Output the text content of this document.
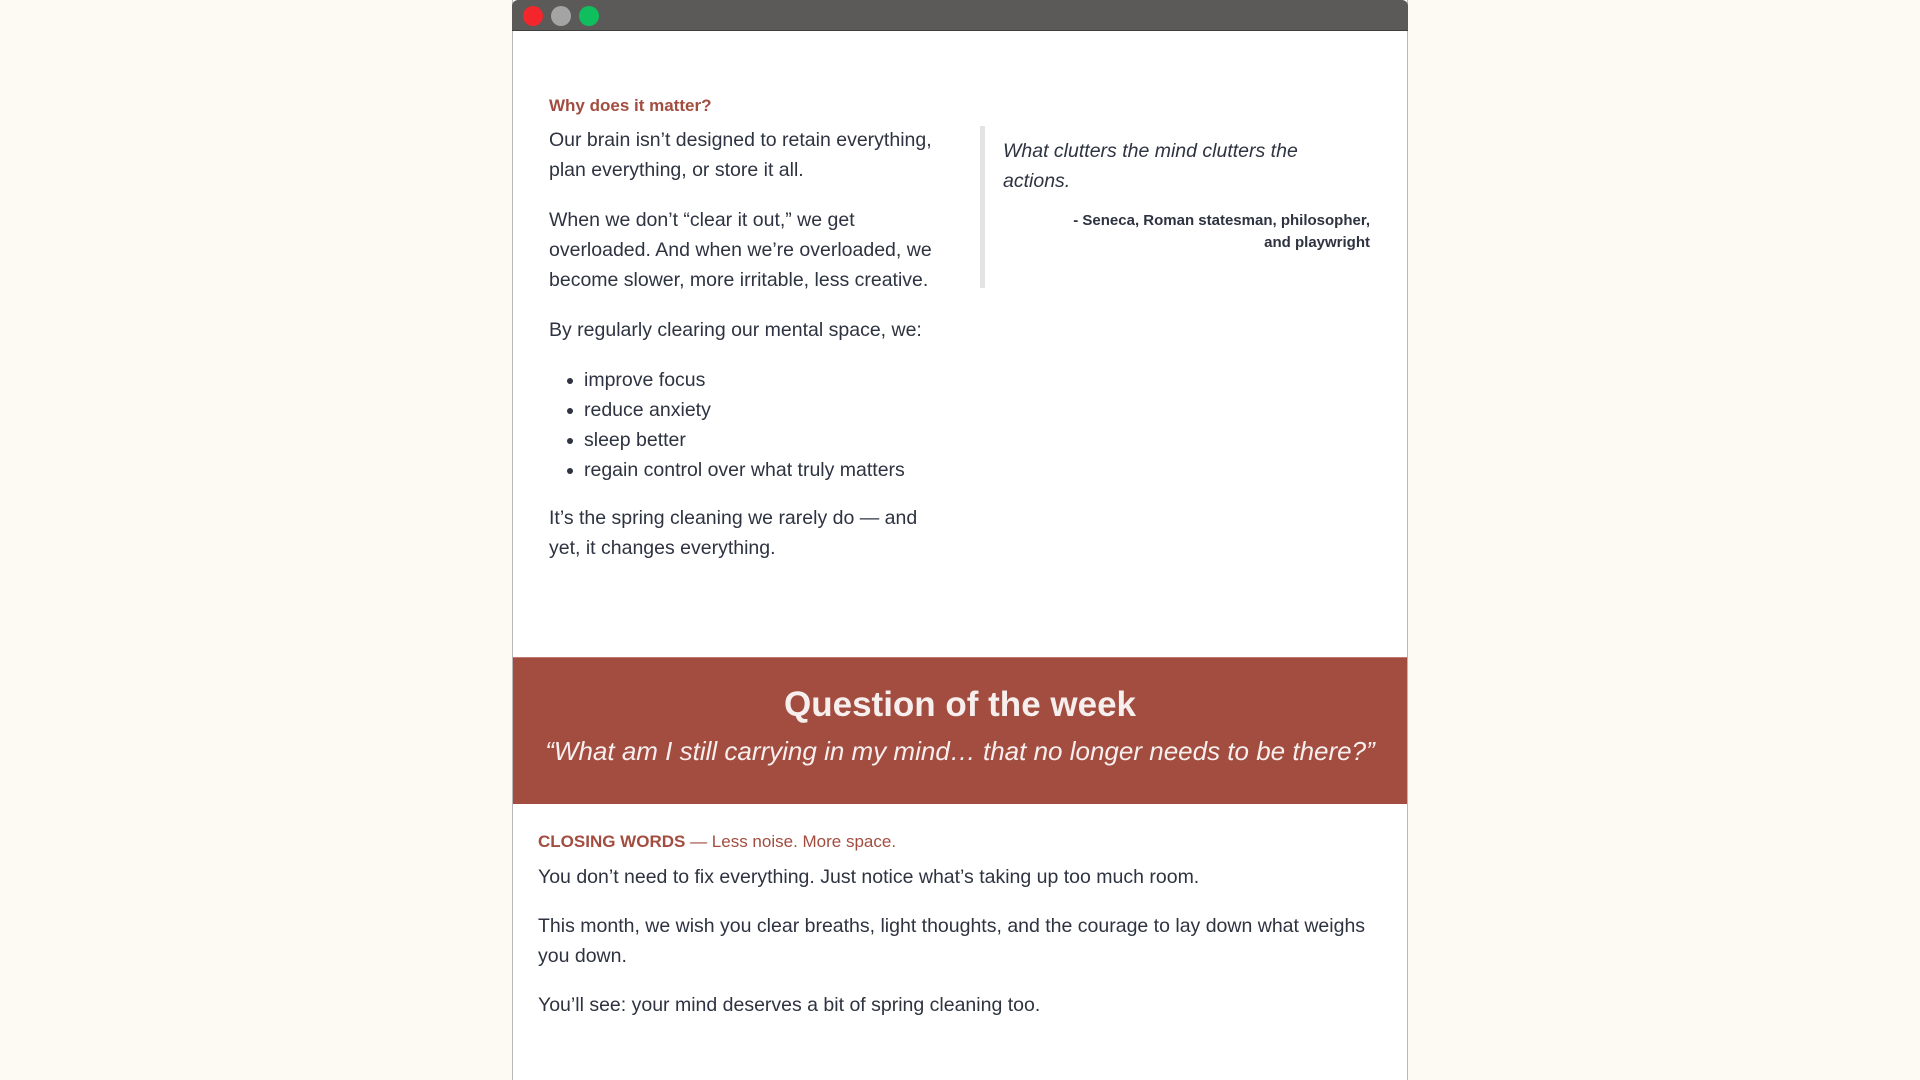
Why does it matter?

Our brain isn’t designed to retain everything, plan everything, or store it all.

When we don’t “clear it out,” we get overloaded. And when we’re overloaded, we become slower, more irritable, less creative.

By regularly clearing our mental space, we:

improve focus
reduce anxiety
sleep better
regain control over what truly matters

It’s the spring cleaning we rarely do — and yet, it changes everything.

What clutters the mind clutters the actions.

- Seneca, Roman statesman, philosopher, and playwright

Question of the week
“What am I still carrying in my mind… that no longer needs to be there?”
CLOSING WORDS — Less noise. More space.

You don’t need to fix everything. Just notice what’s taking up too much room.

This month, we wish you clear breaths, light thoughts, and the courage to lay down what weighs you down.

You’ll see: your mind deserves a bit of spring cleaning too.
